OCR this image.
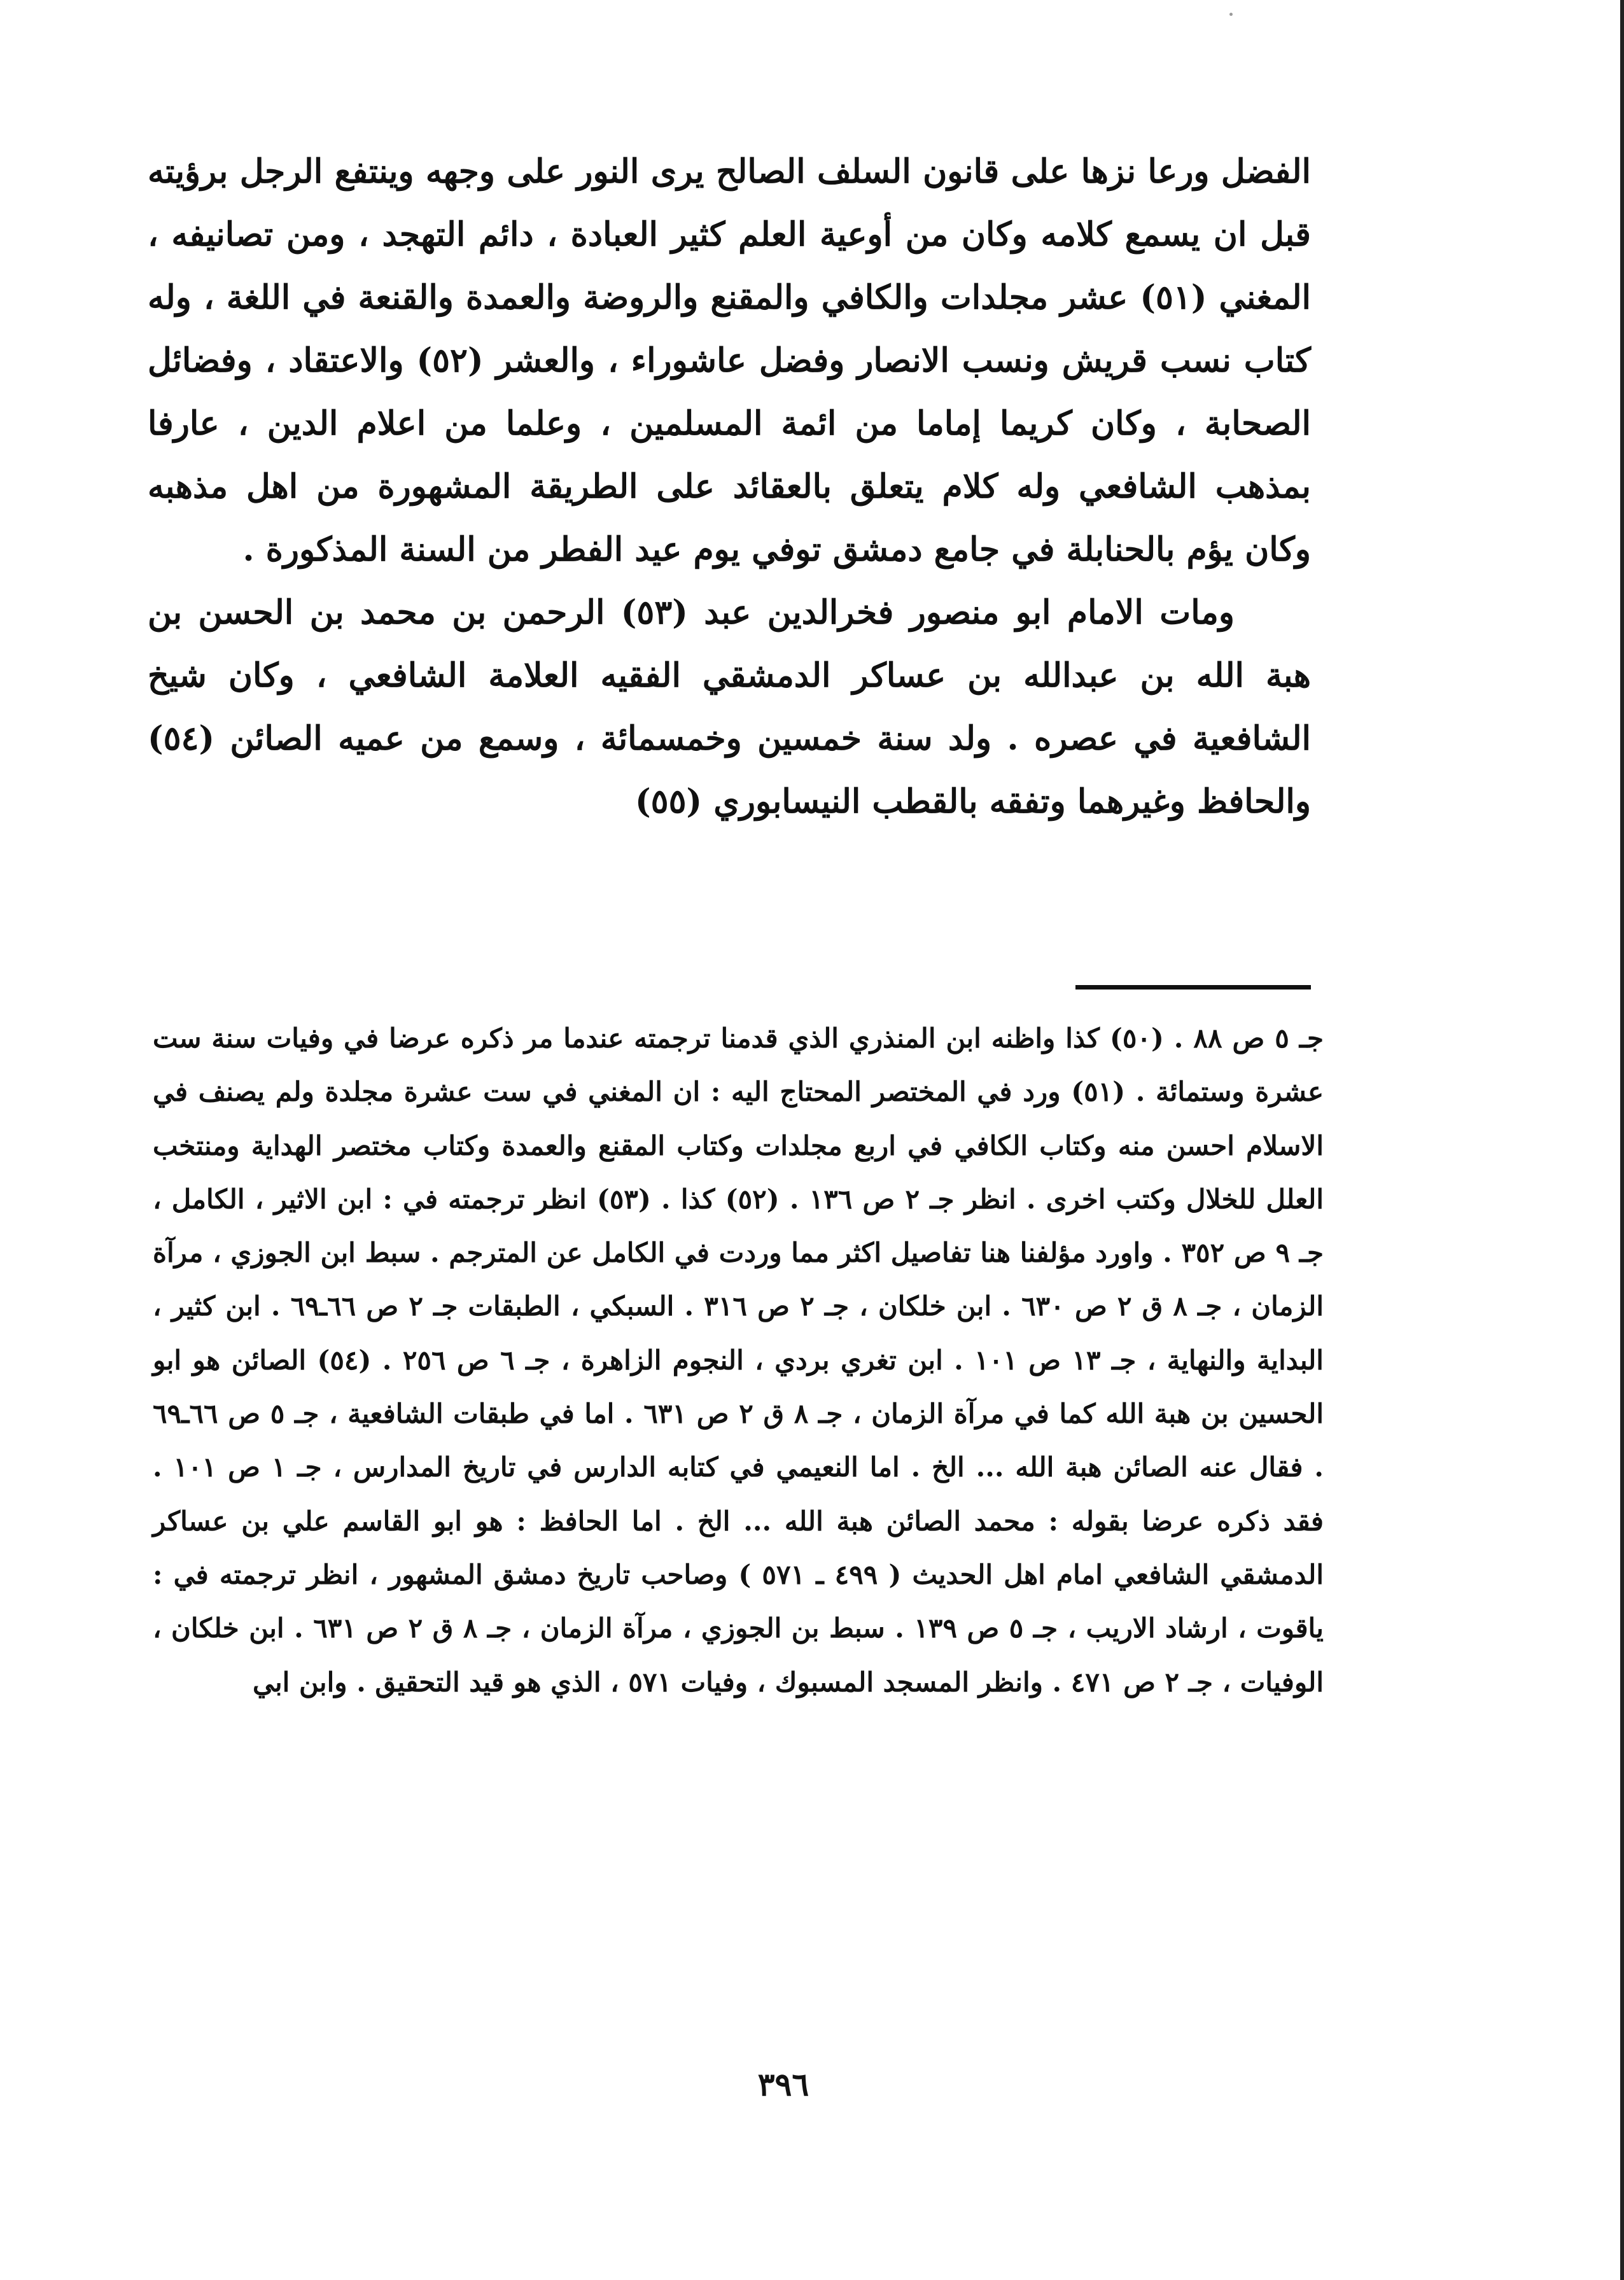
الفضل ورعا نزها على قانون السلف الصالح يرى النور على وجهه وينتفع الرجل برؤيته قبل ان يسمع كلامه وكان من أوعية العلم كثير العبادة ، دائم التهجد ، ومن تصانيفه ، المغني (٥١) عشر مجلدات والكافي والمقنع والروضة والعمدة والقنعة في اللغة ، وله كتاب نسب قريش ونسب الانصار وفضل عاشوراء ، والعشر (٥٢) والاعتقاد ، وفضائل الصحابة ، وكان كريما إماما من ائمة المسلمين ، وعلما من اعلام الدين ، عارفا بمذهب الشافعي وله كلام يتعلق بالعقائد على الطريقة المشهورة من اهل مذهبه وكان يؤم بالحنابلة في جامع دمشق توفي يوم عيد الفطر من السنة المذكورة .

ومات الامام ابو منصور فخرالدين عبد (٥٣) الرحمن بن محمد بن الحسن بن هبة الله بن عبدالله بن عساكر الدمشقي الفقيه العلامة الشافعي ، وكان شيخ الشافعية في عصره . ولد سنة خمسين وخمسمائة ، وسمع من عميه الصائن (٥٤) والحافظ وغيرهما وتفقه بالقطب النيسابوري (٥٥)

جـ ٥ ص ٨٨ . (٥٠) كذا واظنه ابن المنذري الذي قدمنا ترجمته عندما مر ذكره عرضا في وفيات سنة ست عشرة وستمائة . (٥١) ورد في المختصر المحتاج اليه : ان المغني في ست عشرة مجلدة ولم يصنف في الاسلام احسن منه وكتاب الكافي في اربع مجلدات وكتاب المقنع والعمدة وكتاب مختصر الهداية ومنتخب العلل للخلال وكتب اخرى . انظر جـ ٢ ص ١٣٦ . (٥٢) كذا . (٥٣) انظر ترجمته في : ابن الاثير ، الكامل ، جـ ٩ ص ٣٥٢ . واورد مؤلفنا هنا تفاصيل اكثر مما وردت في الكامل عن المترجم . سبط ابن الجوزي ، مرآة الزمان ، جـ ٨ ق ٢ ص ٦٣٠ . ابن خلكان ، جـ ٢ ص ٣١٦ . السبكي ، الطبقات جـ ٢ ص ٦٦ـ٦٩ . ابن كثير ، البداية والنهاية ، جـ ١٣ ص ١٠١ . ابن تغري بردي ، النجوم الزاهرة ، جـ ٦ ص ٢٥٦ . (٥٤) الصائن هو ابو الحسين بن هبة الله كما في مرآة الزمان ، جـ ٨ ق ٢ ص ٦٣١ . اما في طبقات الشافعية ، جـ ٥ ص ٦٦ـ٦٩ . فقال عنه الصائن هبة الله ... الخ . اما النعيمي في كتابه الدارس في تاريخ المدارس ، جـ ١ ص ١٠١ . فقد ذكره عرضا بقوله : محمد الصائن هبة الله ... الخ . اما الحافظ : هو ابو القاسم علي بن عساكر الدمشقي الشافعي امام اهل الحديث ( ٤٩٩ ـ ٥٧١ ) وصاحب تاريخ دمشق المشهور ، انظر ترجمته في : ياقوت ، ارشاد الاريب ، جـ ٥ ص ١٣٩ . سبط بن الجوزي ، مرآة الزمان ، جـ ٨ ق ٢ ص ٦٣١ . ابن خلكان ، الوفيات ، جـ ٢ ص ٤٧١ . وانظر المسجد المسبوك ، وفيات ٥٧١ ، الذي هو قيد التحقيق . وابن ابي

٣٩٦
